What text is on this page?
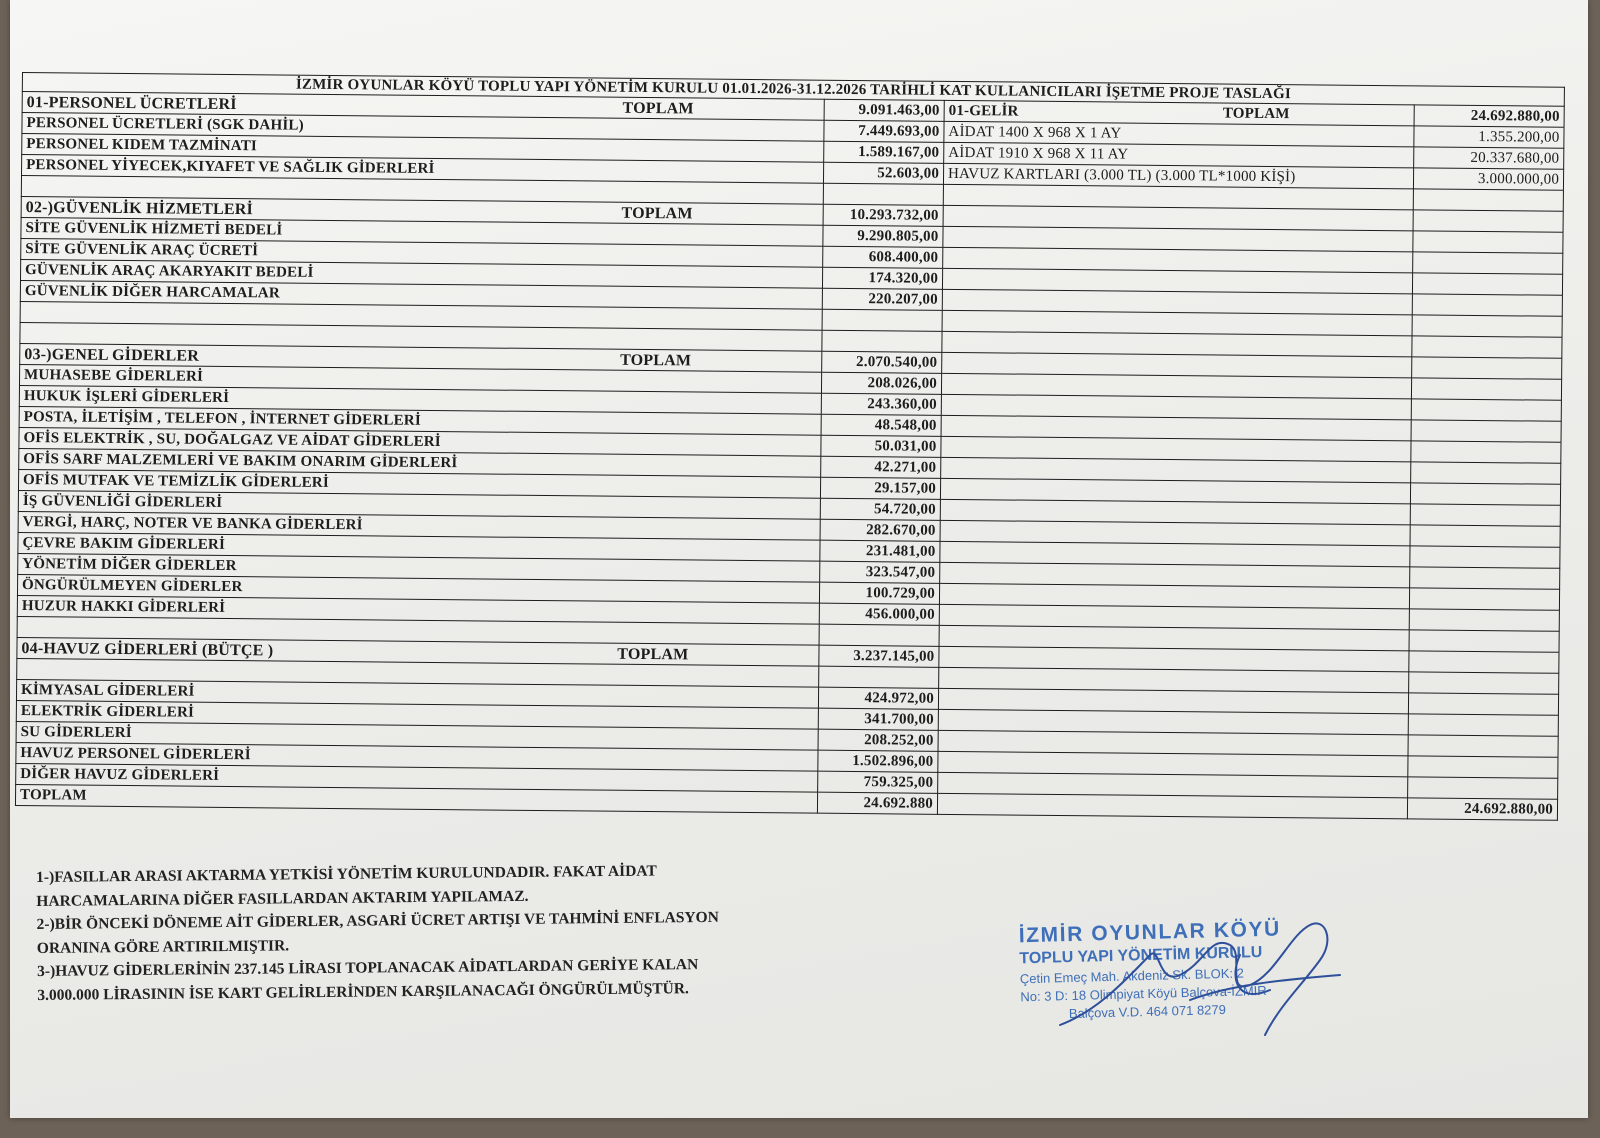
İZMİR OYUNLAR KÖYÜ TOPLU YAPI YÖNETİM KURULU 01.01.2026-31.12.2026 TARİHLİ KAT KULLANICILARI İŞETME PROJE TASLAĞI			

01-PERSONEL ÜCRETLERİ TOPLAM	9.091.463,00	01-GELİR TOPLAM	24.692.880,00
PERSONEL ÜCRETLERİ (SGK DAHİL)	7.449.693,00	AİDAT 1400 X 968 X 1 AY	1.355.200,00
PERSONEL KIDEM TAZMİNATI	1.589.167,00	AİDAT 1910 X 968 X 11 AY	20.337.680,00
PERSONEL YİYECEK,KIYAFET VE SAĞLIK GİDERLERİ	52.603,00	HAVUZ KARTLARI (3.000 TL) (3.000 TL*1000 KİŞİ)	3.000.000,00

02-)GÜVENLİK HİZMETLERİ TOPLAM	10.293.732,00		
SİTE GÜVENLİK HİZMETİ BEDELİ	9.290.805,00		
SİTE GÜVENLİK ARAÇ ÜCRETİ	608.400,00		
GÜVENLİK ARAÇ AKARYAKIT BEDELİ	174.320,00		
GÜVENLİK DİĞER HARCAMALAR	220.207,00		

03-)GENEL GİDERLER TOPLAM	2.070.540,00		
MUHASEBE GİDERLERİ	208.026,00		
HUKUK İŞLERİ GİDERLERİ	243.360,00		
POSTA, İLETİŞİM , TELEFON , İNTERNET GİDERLERİ	48.548,00		
OFİS ELEKTRİK , SU, DOĞALGAZ VE AİDAT GİDERLERİ	50.031,00		
OFİS SARF MALZEMLERİ VE BAKIM ONARIM GİDERLERİ	42.271,00		
OFİS MUTFAK VE TEMİZLİK GİDERLERİ	29.157,00		
İŞ GÜVENLİĞİ GİDERLERİ	54.720,00		
VERGİ, HARÇ, NOTER VE BANKA GİDERLERİ	282.670,00		
ÇEVRE BAKIM GİDERLERİ	231.481,00		
YÖNETİM DİĞER GİDERLER	323.547,00		
ÖNGÜRÜLMEYEN GİDERLER	100.729,00		
HUZUR HAKKI GİDERLERİ	456.000,00		

04-HAVUZ GİDERLERİ (BÜTÇE ) TOPLAM	3.237.145,00		

KİMYASAL GİDERLERİ	424.972,00		
ELEKTRİK GİDERLERİ	341.700,00		
SU GİDERLERİ	208.252,00		
HAVUZ PERSONEL GİDERLERİ	1.502.896,00		
DİĞER HAVUZ GİDERLERİ	759.325,00		
TOPLAM	24.692.880		24.692.880,00

1-)FASILLAR ARASI AKTARMA YETKİSİ YÖNETİM KURULUNDADIR. FAKAT AİDAT

HARCAMALARINA DİĞER FASILLARDAN AKTARIM YAPILAMAZ.

2-)BİR ÖNCEKİ DÖNEME AİT GİDERLER, ASGARİ ÜCRET ARTIŞI VE TAHMİNİ ENFLASYON

ORANINA GÖRE ARTIRILMIŞTIR.

3-)HAVUZ GİDERLERİNİN 237.145 LİRASI TOPLANACAK AİDATLARDAN GERİYE KALAN

3.000.000 LİRASININ İSE KART GELİRLERİNDEN KARŞILANACAĞI ÖNGÜRÜLMÜŞTÜR.

İZMİR OYUNLAR KÖYÜ
TOPLU YAPI YÖNETİM KURULU
Çetin Emeç Mah. Akdeniz Sk. BLOK: 2
No: 3 D: 18 Olimpiyat Köyü Balçova-İZMİR
Balçova V.D. 464 071 8279
